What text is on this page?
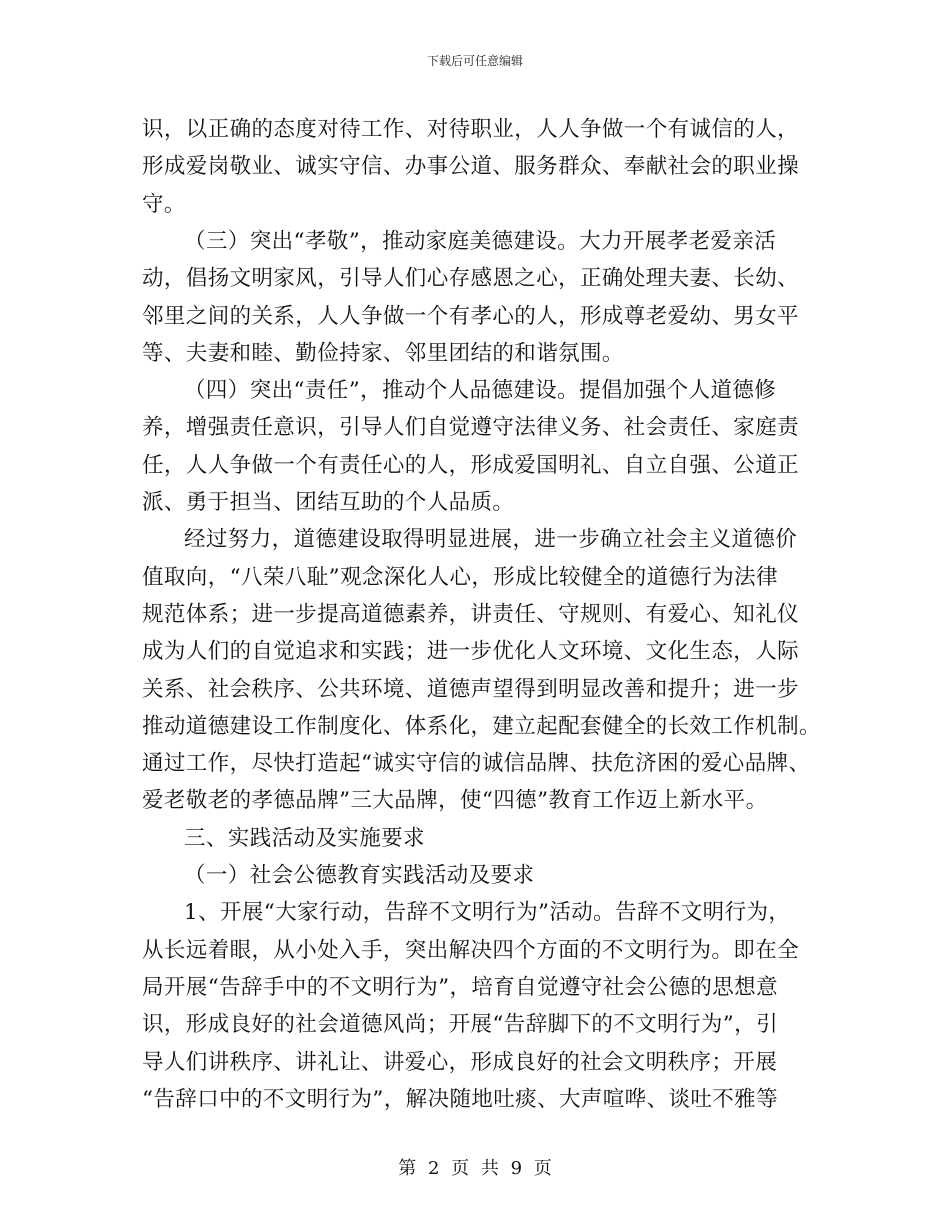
下载后可任意编辑
识，以正确的态度对待工作、对待职业，人人争做一个有诚信的人，
形成爱岗敬业、诚实守信、办事公道、服务群众、奉献社会的职业操
守。
（三）突出“孝敬”，推动家庭美德建设。大力开展孝老爱亲活
动，倡扬文明家风，引导人们心存感恩之心，正确处理夫妻、长幼、
邻里之间的关系，人人争做一个有孝心的人，形成尊老爱幼、男女平
等、夫妻和睦、勤俭持家、邻里团结的和谐氛围。
（四）突出“责任”，推动个人品德建设。提倡加强个人道德修
养，增强责任意识，引导人们自觉遵守法律义务、社会责任、家庭责
任，人人争做一个有责任心的人，形成爱国明礼、自立自强、公道正
派、勇于担当、团结互助的个人品质。
经过努力，道德建设取得明显进展，进一步确立社会主义道德价
值取向，“八荣八耻”观念深化人心，形成比较健全的道德行为法律
规范体系；进一步提高道德素养，讲责任、守规则、有爱心、知礼仪
成为人们的自觉追求和实践；进一步优化人文环境、文化生态，人际
关系、社会秩序、公共环境、道德声望得到明显改善和提升；进一步
推动道德建设工作制度化、体系化，建立起配套健全的长效工作机制。
通过工作，尽快打造起“诚实守信的诚信品牌、扶危济困的爱心品牌、
爱老敬老的孝德品牌”三大品牌，使“四德”教育工作迈上新水平。
三、实践活动及实施要求
（一）社会公德教育实践活动及要求
1、开展“大家行动，告辞不文明行为”活动。告辞不文明行为，
从长远着眼，从小处入手，突出解决四个方面的不文明行为。即在全
局开展“告辞手中的不文明行为”，培育自觉遵守社会公德的思想意
识，形成良好的社会道德风尚；开展“告辞脚下的不文明行为”，引
导人们讲秩序、讲礼让、讲爱心，形成良好的社会文明秩序；开展
“告辞口中的不文明行为”，解决随地吐痰、大声喧哗、谈吐不雅等
第 2 页 共 9 页
